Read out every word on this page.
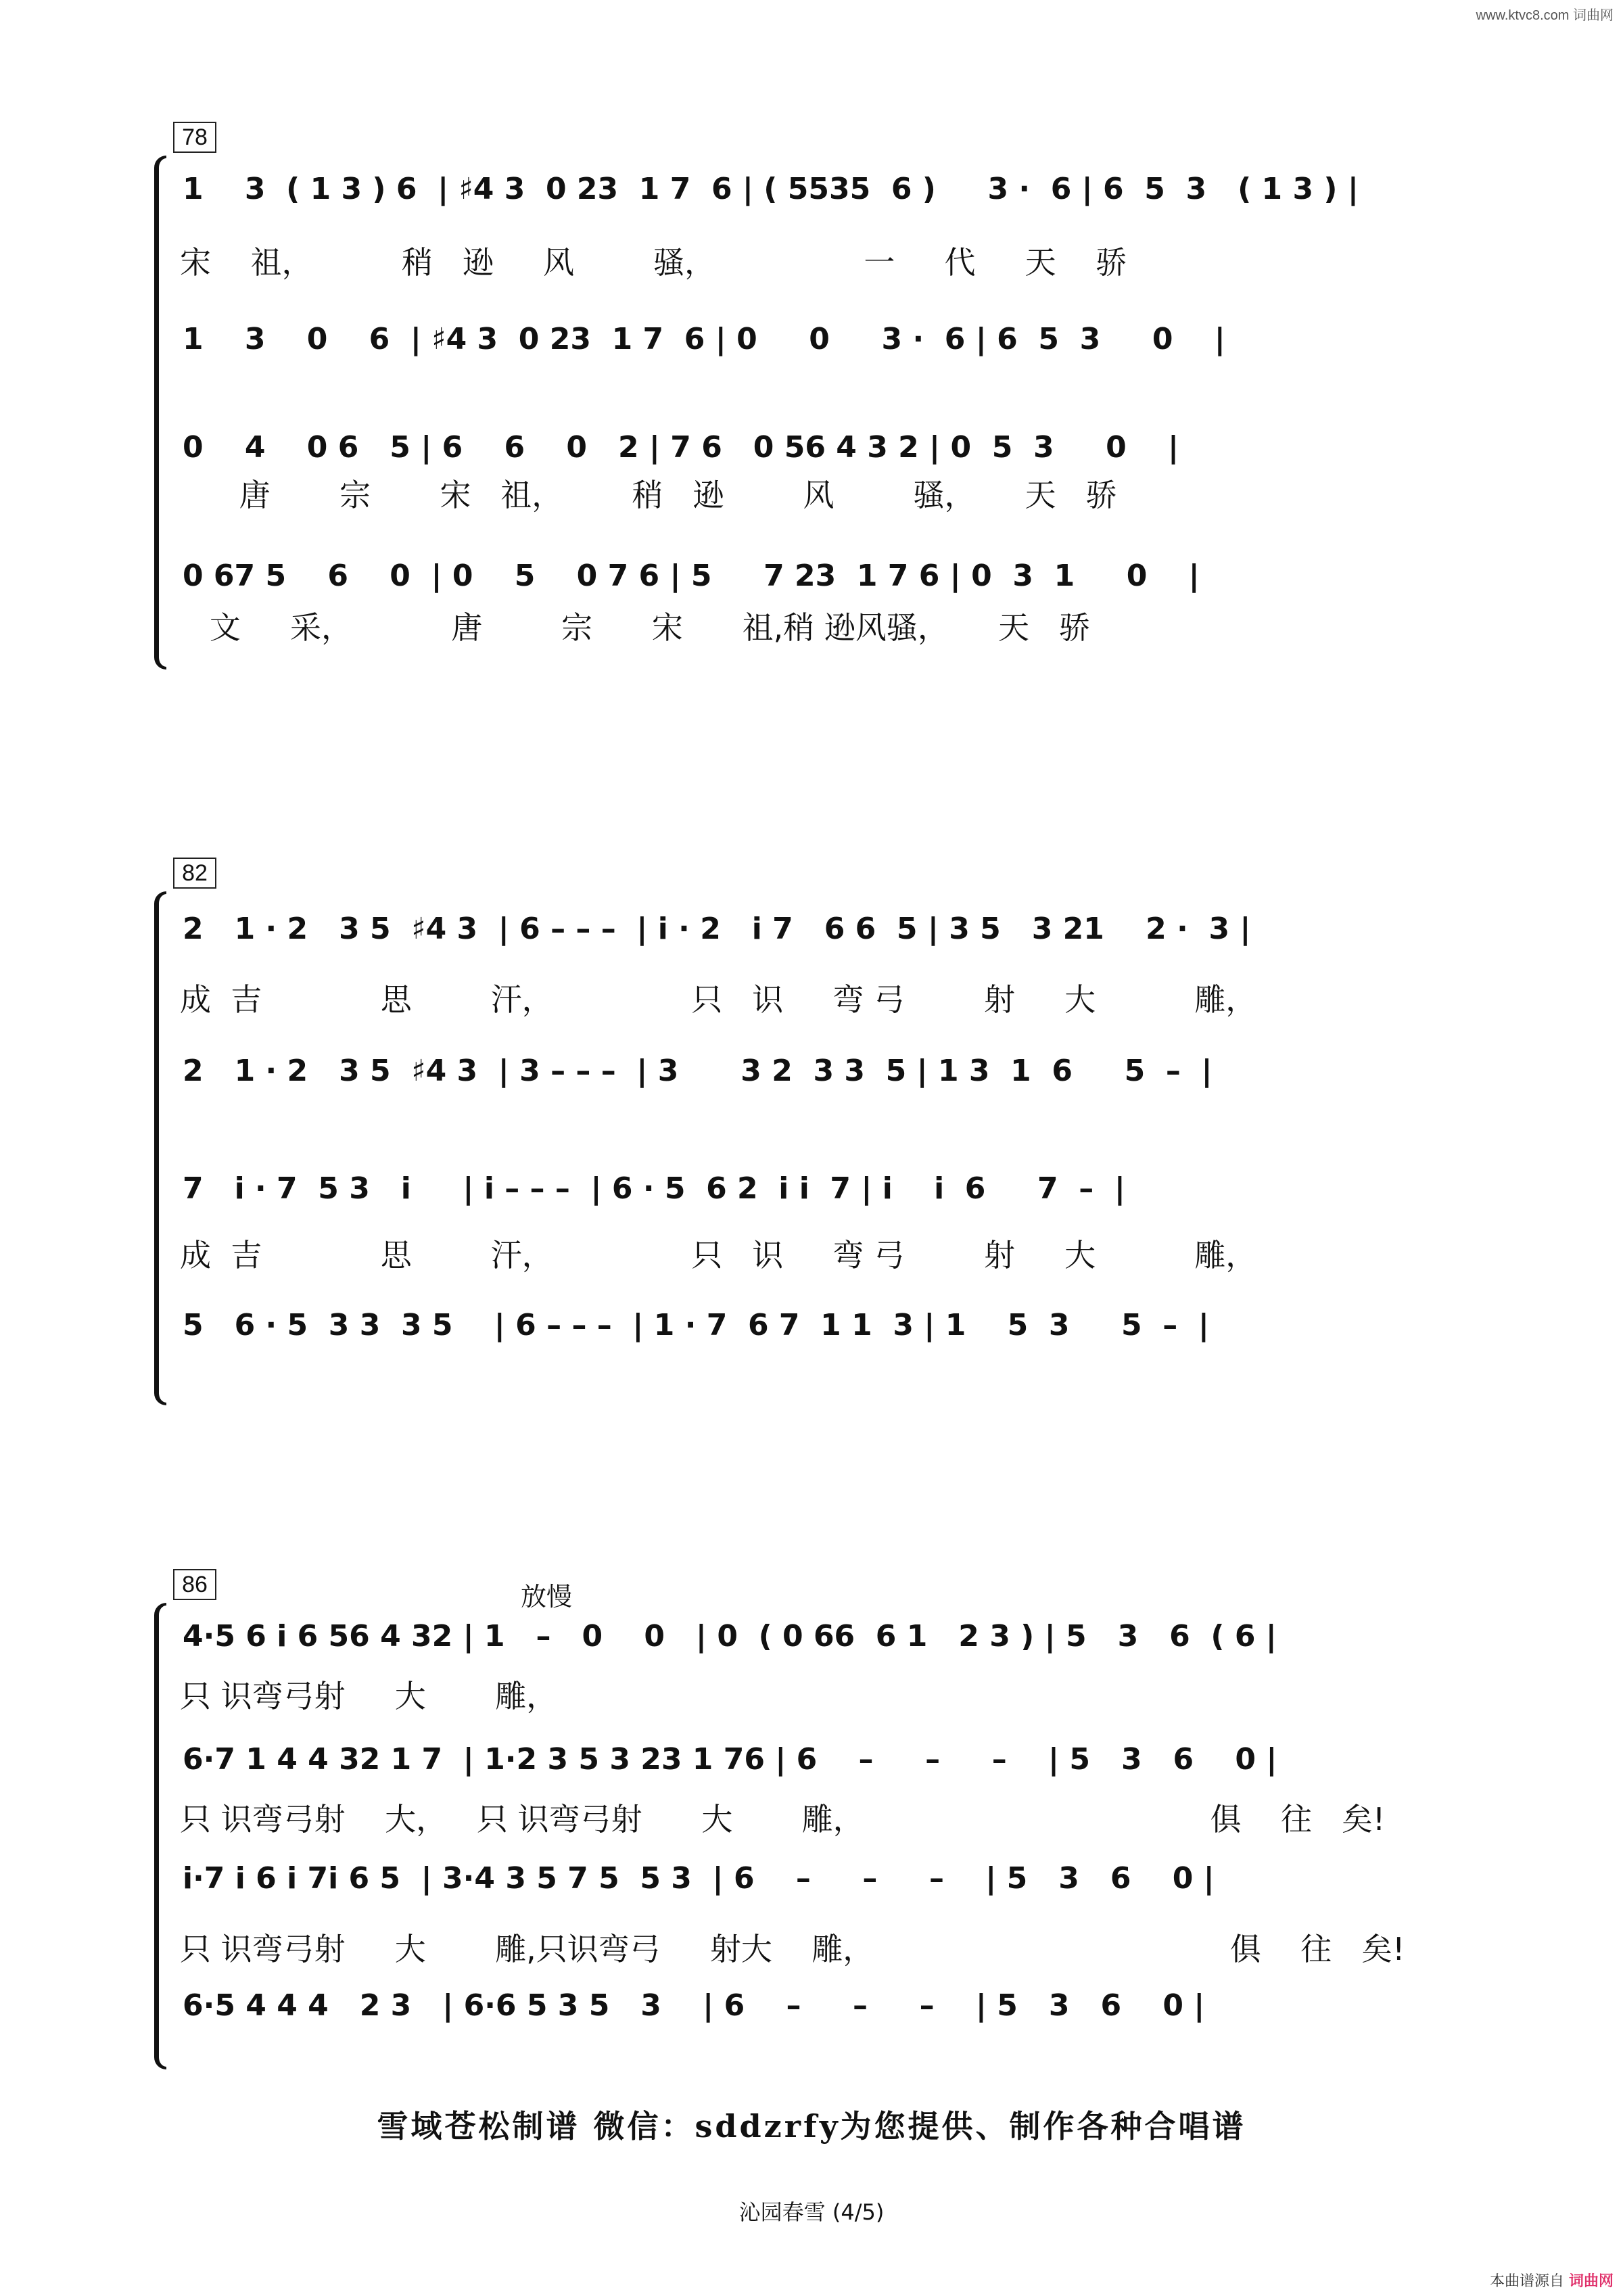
www.ktvc8.com 词曲网
78
1    3  ( 1 3 ) 6  | ♯4 3  0 23  1 7  6 | ( 5535  6 )     3 ·  6 | 6  5  3   ( 1 3 ) |
宋    祖，         稍   逊     风        骚，               一     代     天    骄
1    3    0    6  | ♯4 3  0 23  1 7  6 | 0     0     3 ·  6 | 6  5  3     0    |
0    4    0 6   5 | 6    6    0   2 | 7 6   0 56 4 3 2 | 0  5  3     0    |
唐       宗       宋   祖，       稍   逊        风        骚，     天   骄
0 67 5    6    0  | 0    5    0 7 6 | 5     7 23  1 7 6 | 0  3  1     0    |
文     采，          唐        宗      宋      祖,稍 逊风骚，     天   骄
82
2   1 · 2   3 5  ♯4 3  | 6 – – –  | i · 2   i 7   6 6  5 | 3 5   3 21    2 ·  3 |
成  吉            思        汗，              只   识     弯 弓        射     大          雕，
2   1 · 2   3 5  ♯4 3  | 3 – – –  | 3      3 2  3 3  5 | 1 3  1  6     5  –  |
7   i · 7  5 3   i     | i – – –  | 6 · 5  6 2  i i  7 | i    i  6     7  –  |
成  吉            思        汗，              只   识     弯 弓        射     大          雕，
5   6 · 5  3 3  3 5    | 6 – – –  | 1 · 7  6 7  1 1  3 | 1    5  3     5  –  |
86	放慢
4·5 6 i 6 56 4 32 | 1   –   0    0   | 0  ( 0 66  6 1   2 3 ) | 5   3   6  ( 6 |
只 识弯弓射     大       雕，
6·7 1 4 4 32 1 7  | 1·2 3 5 3 23 1 76 | 6    –     –     –    | 5   3   6    0 |
只 识弯弓射    大，   只 识弯弓射      大       雕，                                   俱    往   矣!
i·7 i 6 i 7i 6 5  | 3·4 3 5 7 5  5 3  | 6    –     –     –    | 5   3   6    0 |
只 识弯弓射     大       雕,只识弯弓     射大    雕，                                    俱    往   矣!
6·5 4 4 4   2 3   | 6·6 5 3 5   3    | 6    –     –     –    | 5   3   6    0 |
雪域苍松制谱 微信：sddzrfy为您提供、制作各种合唱谱
沁园春雪 (4/5)
本曲谱源自 词曲网
